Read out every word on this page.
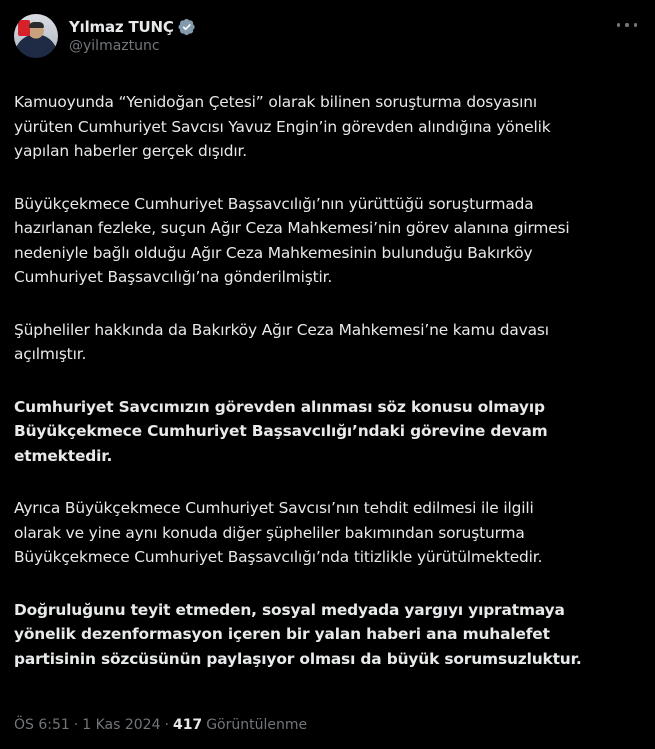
Yılmaz TUNÇ
@yilmaztunc

Kamuoyunda “Yenidoğan Çetesi” olarak bilinen soruşturma dosyasını
yürüten Cumhuriyet Savcısı Yavuz Engin’in görevden alındığına yönelik
yapılan haberler gerçek dışıdır.

Büyükçekmece Cumhuriyet Başsavcılığı’nın yürüttüğü soruşturmada
hazırlanan fezleke, suçun Ağır Ceza Mahkemesi’nin görev alanına girmesi
nedeniyle bağlı olduğu Ağır Ceza Mahkemesinin bulunduğu Bakırköy
Cumhuriyet Başsavcılığı’na gönderilmiştir.

Şüpheliler hakkında da Bakırköy Ağır Ceza Mahkemesi’ne kamu davası
açılmıştır.

Cumhuriyet Savcımızın görevden alınması söz konusu olmayıp
Büyükçekmece Cumhuriyet Başsavcılığı’ndaki görevine devam
etmektedir.

Ayrıca Büyükçekmece Cumhuriyet Savcısı’nın tehdit edilmesi ile ilgili
olarak ve yine aynı konuda diğer şüpheliler bakımından soruşturma
Büyükçekmece Cumhuriyet Başsavcılığı’nda titizlikle yürütülmektedir.

Doğruluğunu teyit etmeden, sosyal medyada yargıyı yıpratmaya
yönelik dezenformasyon içeren bir yalan haberi ana muhalefet
partisinin sözcüsünün paylaşıyor olması da büyük sorumsuzluktur.

ÖS 6:51 · 1 Kas 2024 · 417 Görüntülenme
